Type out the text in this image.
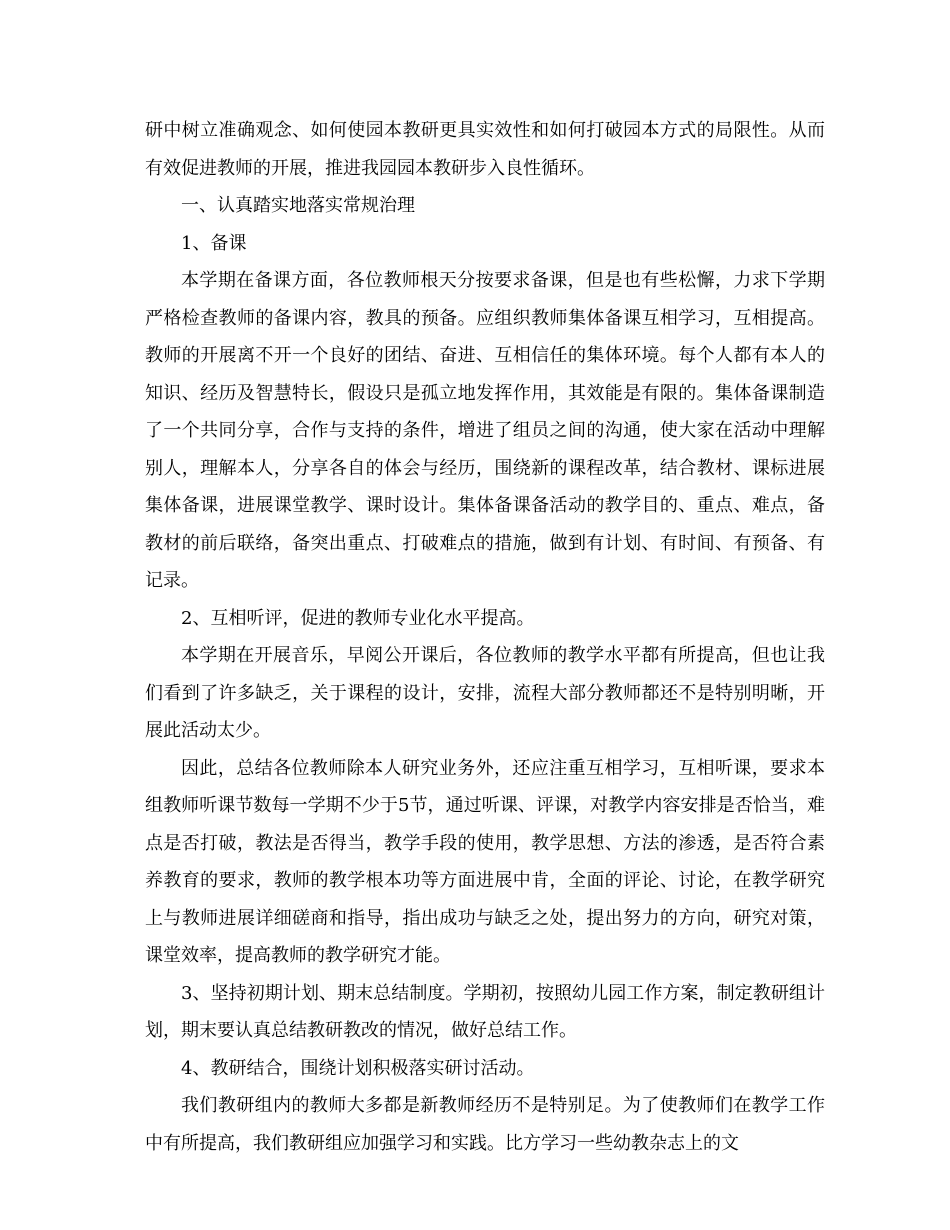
研中树立准确观念、如何使园本教研更具实效性和如何打破园本方式的局限性。从而有效促进教师的开展，推进我园园本教研步入良性循环。

一、认真踏实地落实常规治理

1、备课

本学期在备课方面，各位教师根天分按要求备课，但是也有些松懈，力求下学期严格检查教师的备课内容，教具的预备。应组织教师集体备课互相学习，互相提高。教师的开展离不开一个良好的团结、奋进、互相信任的集体环境。每个人都有本人的知识、经历及智慧特长，假设只是孤立地发挥作用，其效能是有限的。集体备课制造了一个共同分享，合作与支持的条件，增进了组员之间的沟通，使大家在活动中理解别人，理解本人，分享各自的体会与经历，围绕新的课程改革，结合教材、课标进展集体备课，进展课堂教学、课时设计。集体备课备活动的教学目的、重点、难点，备教材的前后联络，备突出重点、打破难点的措施，做到有计划、有时间、有预备、有记录。

2、互相听评，促进的教师专业化水平提高。

本学期在开展音乐，早阅公开课后，各位教师的教学水平都有所提高，但也让我们看到了许多缺乏，关于课程的设计，安排，流程大部分教师都还不是特别明晰，开展此活动太少。

因此，总结各位教师除本人研究业务外，还应注重互相学习，互相听课，要求本组教师听课节数每一学期不少于5节，通过听课、评课，对教学内容安排是否恰当，难点是否打破，教法是否得当，教学手段的使用，教学思想、方法的渗透，是否符合素养教育的要求，教师的教学根本功等方面进展中肯，全面的评论、讨论，在教学研究上与教师进展详细磋商和指导，指出成功与缺乏之处，提出努力的方向，研究对策，课堂效率，提高教师的教学研究才能。

3、坚持初期计划、期末总结制度。学期初，按照幼儿园工作方案，制定教研组计划，期末要认真总结教研教改的情况，做好总结工作。

4、教研结合，围绕计划积极落实研讨活动。

我们教研组内的教师大多都是新教师经历不是特别足。为了使教师们在教学工作中有所提高，我们教研组应加强学习和实践。比方学习一些幼教杂志上的文
